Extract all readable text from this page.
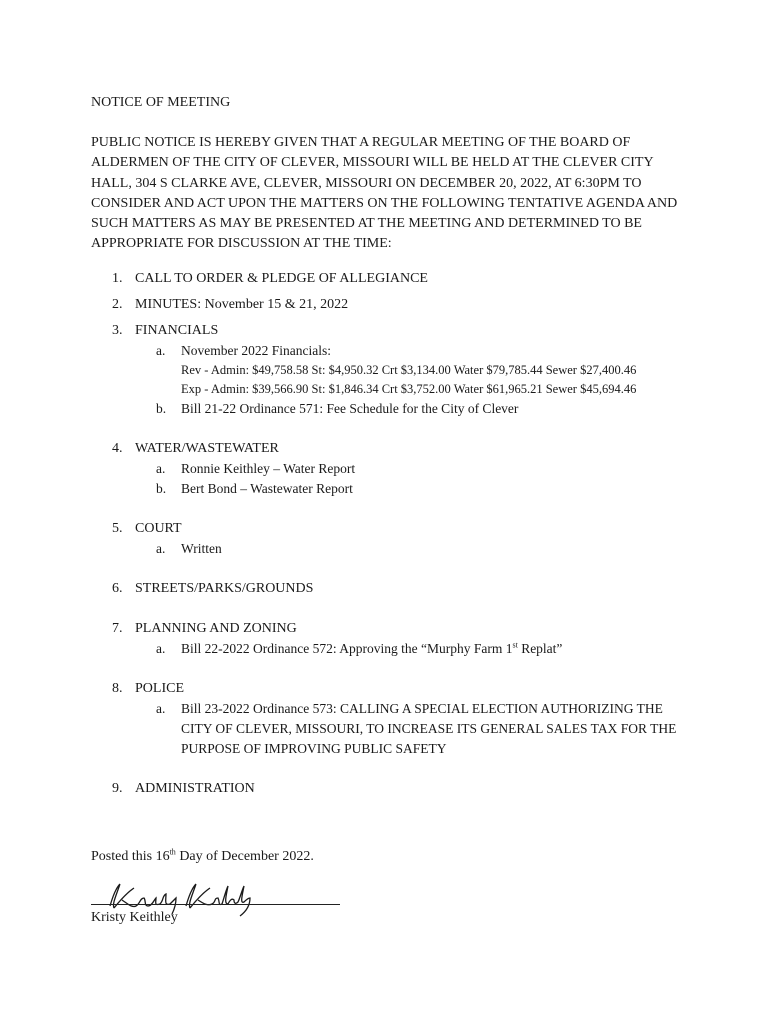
NOTICE OF MEETING

PUBLIC NOTICE IS HEREBY GIVEN THAT A REGULAR MEETING OF THE BOARD OF ALDERMEN OF THE CITY OF CLEVER, MISSOURI WILL BE HELD AT THE CLEVER CITY HALL, 304 S CLARKE AVE, CLEVER, MISSOURI ON DECEMBER 20, 2022, AT 6:30PM TO CONSIDER AND ACT UPON THE MATTERS ON THE FOLLOWING TENTATIVE AGENDA AND SUCH MATTERS AS MAY BE PRESENTED AT THE MEETING AND DETERMINED TO BE APPROPRIATE FOR DISCUSSION AT THE TIME:

1. CALL TO ORDER & PLEDGE OF ALLEGIANCE
2. MINUTES: November 15 & 21, 2022
3. FINANCIALS
a. November 2022 Financials:
Rev - Admin: $49,758.58 St: $4,950.32 Crt $3,134.00 Water $79,785.44 Sewer $27,400.46
Exp - Admin: $39,566.90 St: $1,846.34 Crt $3,752.00 Water $61,965.21 Sewer $45,694.46
b. Bill 21-22 Ordinance 571: Fee Schedule for the City of Clever
4. WATER/WASTEWATER
a. Ronnie Keithley – Water Report
b. Bert Bond – Wastewater Report
5. COURT
a. Written
6. STREETS/PARKS/GROUNDS
7. PLANNING AND ZONING
a. Bill 22-2022 Ordinance 572: Approving the “Murphy Farm 1st Replat”
8. POLICE
a. Bill 23-2022 Ordinance 573: CALLING A SPECIAL ELECTION AUTHORIZING THE CITY OF CLEVER, MISSOURI, TO INCREASE ITS GENERAL SALES TAX FOR THE PURPOSE OF IMPROVING PUBLIC SAFETY
9. ADMINISTRATION

Posted this 16th Day of December 2022.

Kristy Keithley
